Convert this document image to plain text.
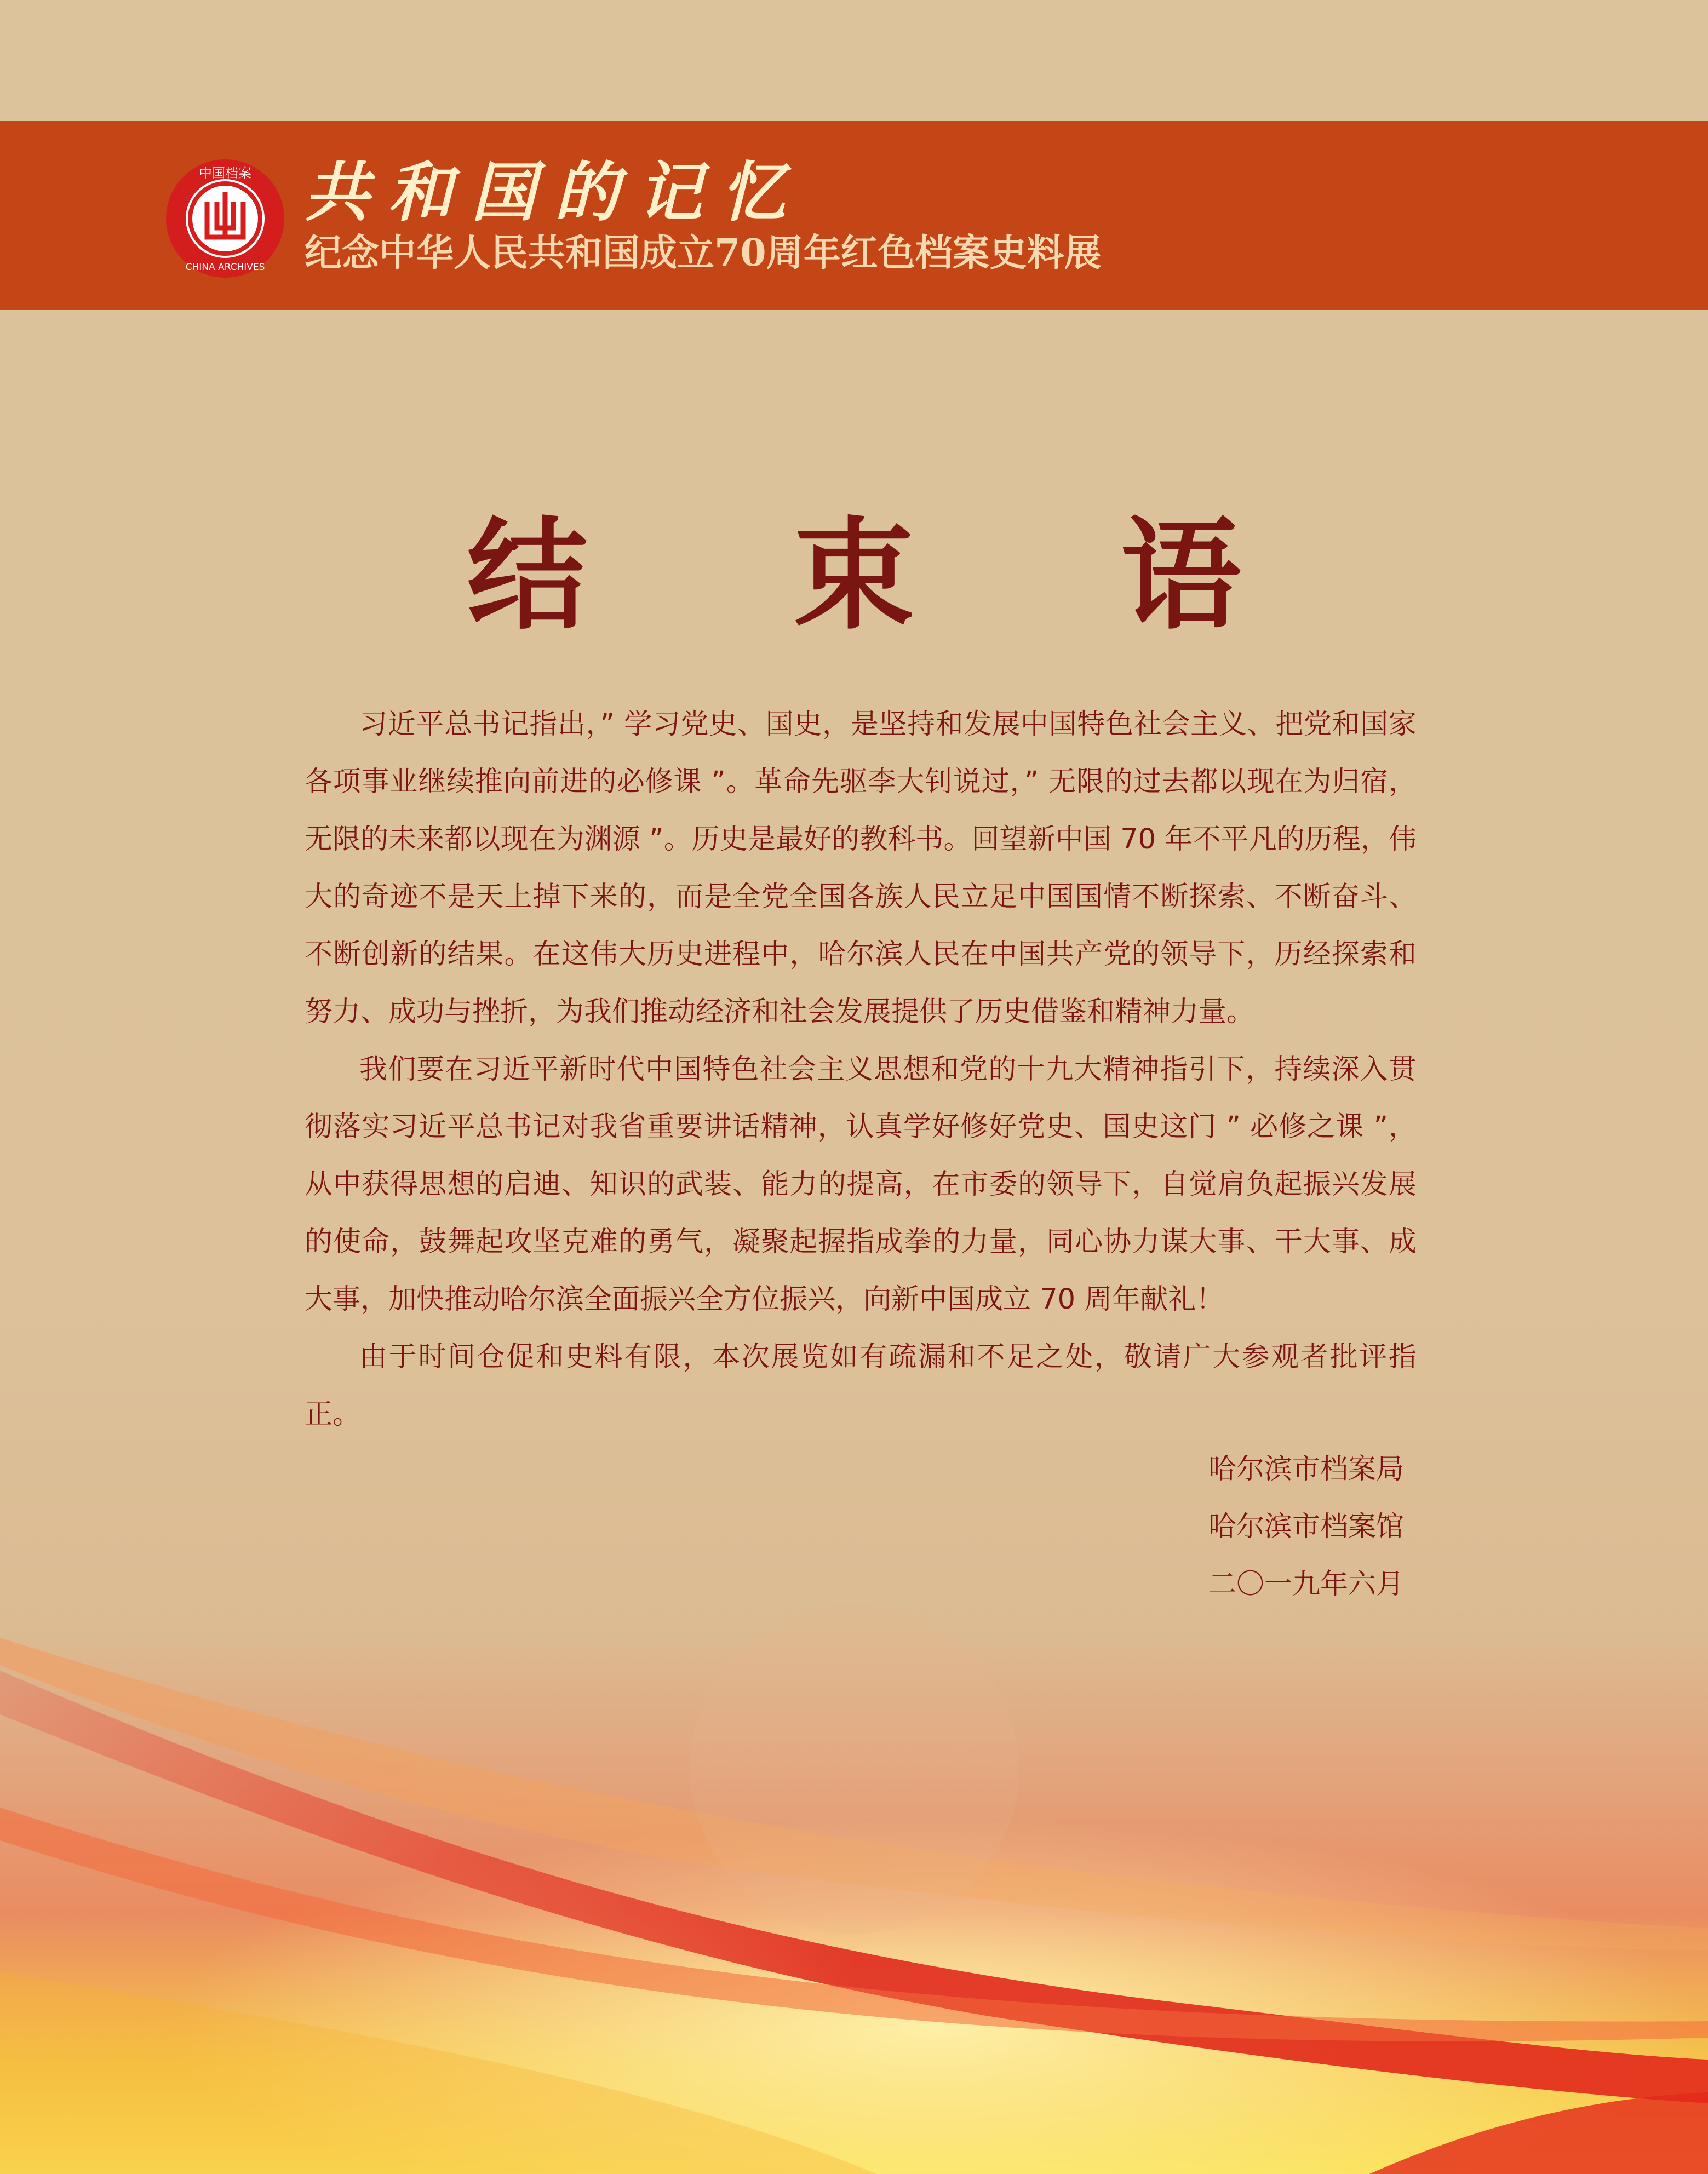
中国档案
CHINA ARCHIVES
共和国的记忆
纪念中华人民共和国成立70周年红色档案史料展
结 束 语

习近平总书记指出，” 学习党史、国史，是坚持和发展中国特色社会主义、把党和国家各项事业继续推向前进的必修课 ”。革命先驱李大钊说过，” 无限的过去都以现在为归宿，无限的未来都以现在为渊源 ”。历史是最好的教科书。回望新中国 70 年不平凡的历程，伟大的奇迹不是天上掉下来的，而是全党全国各族人民立足中国国情不断探索、不断奋斗、不断创新的结果。在这伟大历史进程中，哈尔滨人民在中国共产党的领导下，历经探索和努力、成功与挫折，为我们推动经济和社会发展提供了历史借鉴和精神力量。

我们要在习近平新时代中国特色社会主义思想和党的十九大精神指引下，持续深入贯彻落实习近平总书记对我省重要讲话精神，认真学好修好党史、国史这门 ” 必修之课 ”，从中获得思想的启迪、知识的武装、能力的提高，在市委的领导下，自觉肩负起振兴发展的使命，鼓舞起攻坚克难的勇气，凝聚起握指成拳的力量，同心协力谋大事、干大事、成大事，加快推动哈尔滨全面振兴全方位振兴，向新中国成立 70 周年献礼！

由于时间仓促和史料有限，本次展览如有疏漏和不足之处，敬请广大参观者批评指正。

哈尔滨市档案局
哈尔滨市档案馆
二〇一九年六月
